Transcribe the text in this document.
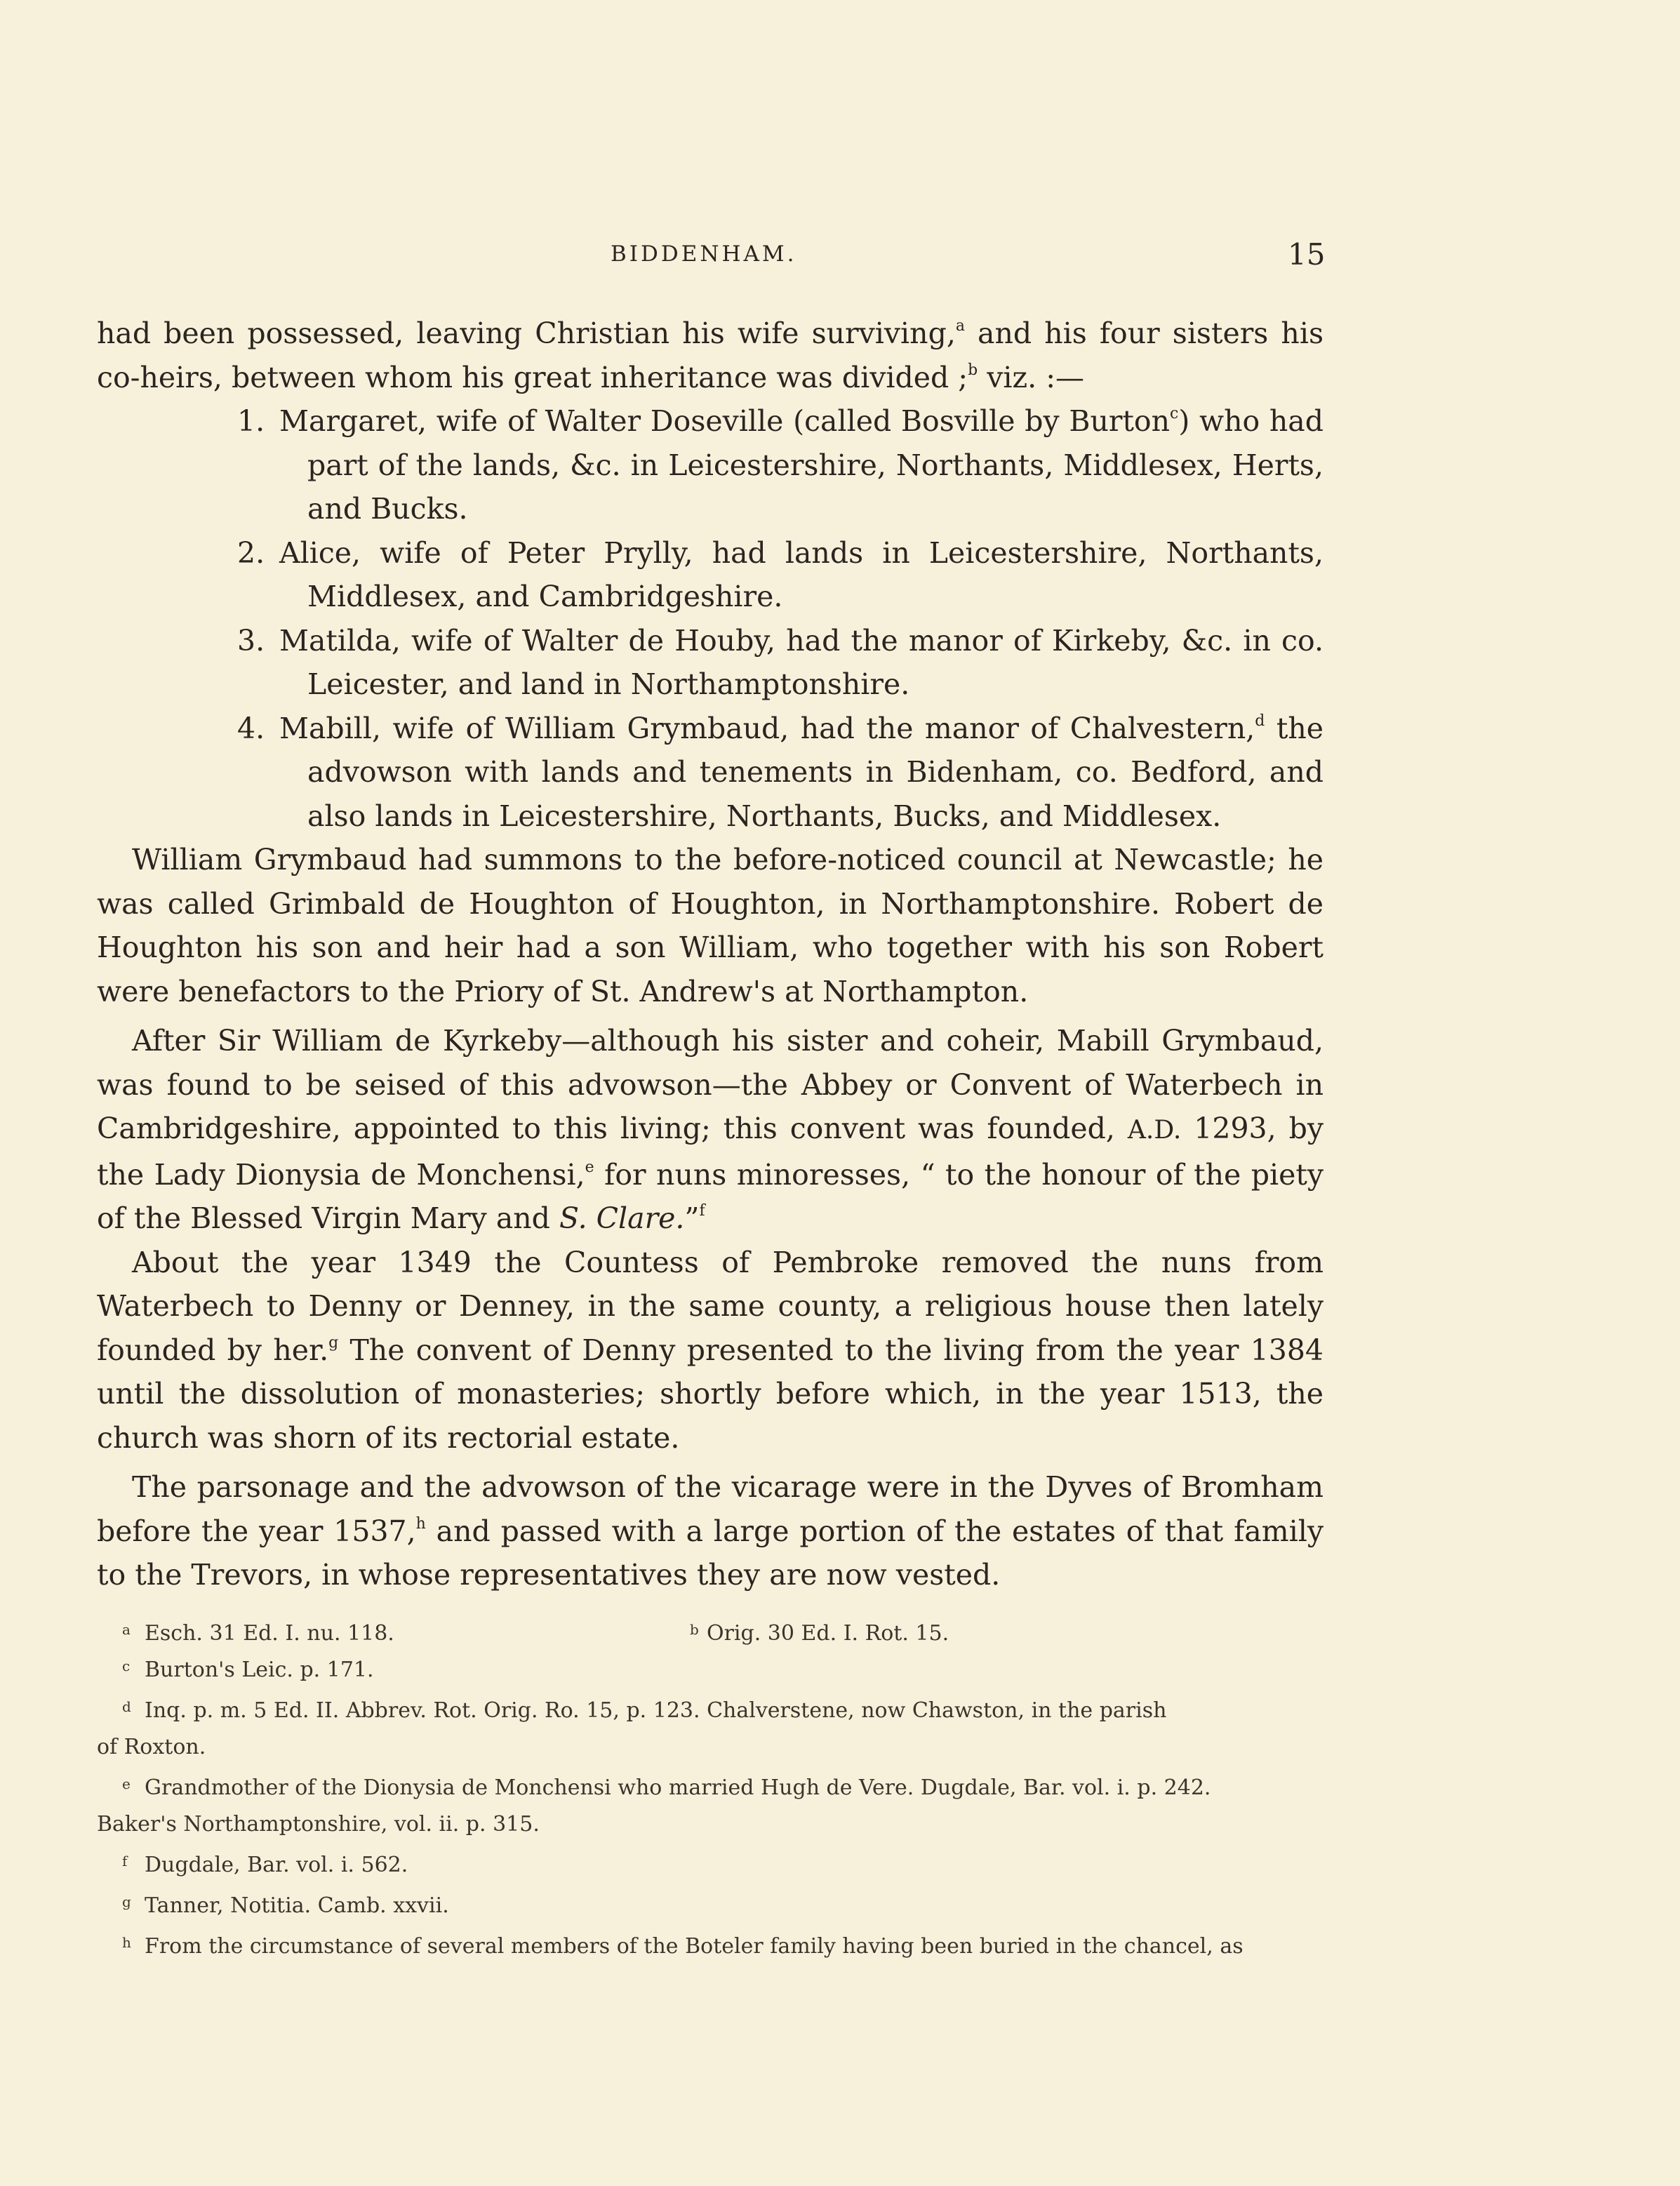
BIDDENHAM.	15

had been possessed, leaving Christian his wife surviving,$^a$ and his four sisters his co-heirs, between whom his great inheritance was divided ;$^b$ viz. :—

1. Margaret, wife of Walter Doseville (called Bosville by Burton$^c$) who had part of the lands, &c. in Leicestershire, Northants, Middlesex, Herts, and Bucks.

2. Alice, wife of Peter Prylly, had lands in Leicestershire, Northants, Middlesex, and Cambridgeshire.

3. Matilda, wife of Walter de Houby, had the manor of Kirkeby, &c. in co. Leicester, and land in Northamptonshire.

4. Mabill, wife of William Grymbaud, had the manor of Chalvestern,$^d$ the advowson with lands and tenements in Bidenham, co. Bedford, and also lands in Leicestershire, Northants, Bucks, and Middlesex.

William Grymbaud had summons to the before-noticed council at Newcastle; he was called Grimbald de Houghton of Houghton, in Northamptonshire. Robert de Houghton his son and heir had a son William, who together with his son Robert were benefactors to the Priory of St. Andrew's at Northampton.

After Sir William de Kyrkeby—although his sister and coheir, Mabill Grymbaud, was found to be seised of this advowson—the Abbey or Convent of Waterbech in Cambridgeshire, appointed to this living; this convent was founded, A.D. 1293, by the Lady Dionysia de Monchensi,$^e$ for nuns minoresses, “ to the honour of the piety of the Blessed Virgin Mary and S. Clare.”$^f$

About the year 1349 the Countess of Pembroke removed the nuns from Waterbech to Denny or Denney, in the same county, a religious house then lately founded by her.$^g$ The convent of Denny presented to the living from the year 1384 until the dissolution of monasteries; shortly before which, in the year 1513, the church was shorn of its rectorial estate.

The parsonage and the advowson of the vicarage were in the Dyves of Bromham before the year 1537,$^h$ and passed with a large portion of the estates of that family to the Trevors, in whose representatives they are now vested.

a Esch. 31 Ed. I. nu. 118.	b Orig. 30 Ed. I. Rot. 15.

c Burton's Leic. p. 171.

d Inq. p. m. 5 Ed. II. Abbrev. Rot. Orig. Ro. 15, p. 123. Chalverstene, now Chawston, in the parish
of Roxton.

e Grandmother of the Dionysia de Monchensi who married Hugh de Vere. Dugdale, Bar. vol. i. p. 242.
Baker's Northamptonshire, vol. ii. p. 315.

f Dugdale, Bar. vol. i. 562.

g Tanner, Notitia. Camb. xxvii.

h From the circumstance of several members of the Boteler family having been buried in the chancel, as
